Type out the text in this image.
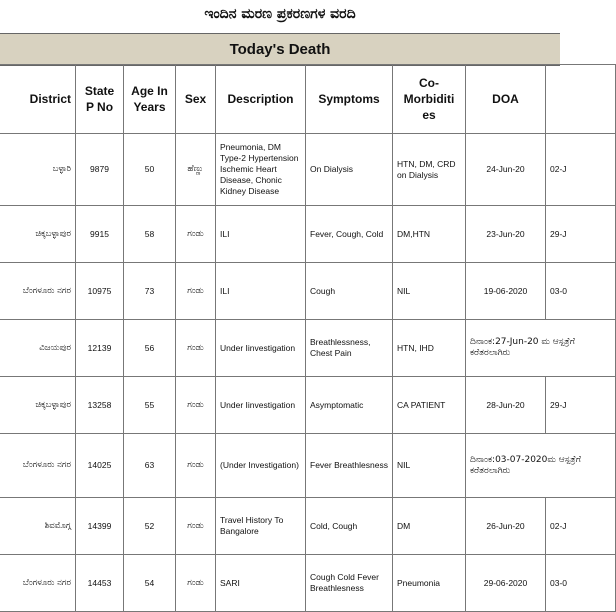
ಇಂದಿನ ಮರಣ ಪ್ರಕರಣಗಳ ವರದಿ
Today's Death
District	State P No	Age In Years	Sex	Description	Symptoms	Co-Morbiditi es	DOA	
ಬಳ್ಳಾರಿ	9879	50	ಹೆಣ್ಣು	Pneumonia, DM Type-2 Hypertension Ischemic Heart Disease, Chonic Kidney Disease	On Dialysis	HTN, DM, CRD on Dialysis	24-Jun-20	02-J
ಚಿಕ್ಕಬಳ್ಳಾಪುರ	9915	58	ಗಂಡು	ILI	Fever, Cough, Cold	DM,HTN	23-Jun-20	29-J
ಬೆಂಗಳೂರು ನಗರ	10975	73	ಗಂಡು	ILI	Cough	NIL	19-06-2020	03-0
ವಿಜಯಪುರ	12139	56	ಗಂಡು	Under Iinvestigation	Breathlessness, Chest Pain	HTN, IHD	ದಿನಾಂಕ:27-Jun-20 ಮ ಆಸ್ಪತ್ರೆಗೆ ಕರೆತರಲಾಗಿರು	
ಚಿಕ್ಕಬಳ್ಳಾಪುರ	13258	55	ಗಂಡು	Under Iinvestigation	Asymptomatic	CA PATIENT	28-Jun-20	29-J
ಬೆಂಗಳೂರು ನಗರ	14025	63	ಗಂಡು	(Under Investigation)	Fever Breathlesness	NIL	ದಿನಾಂಕ:03-07-2020ಮ ಆಸ್ಪತ್ರೆಗೆ ಕರೆತರಲಾಗಿರು	
ಶಿವಮೊಗ್ಗ	14399	52	ಗಂಡು	Travel History To Bangalore	Cold, Cough	DM	26-Jun-20	02-J
ಬೆಂಗಳೂರು ನಗರ	14453	54	ಗಂಡು	SARI	Cough Cold Fever Breathlesness	Pneumonia	29-06-2020	03-0
